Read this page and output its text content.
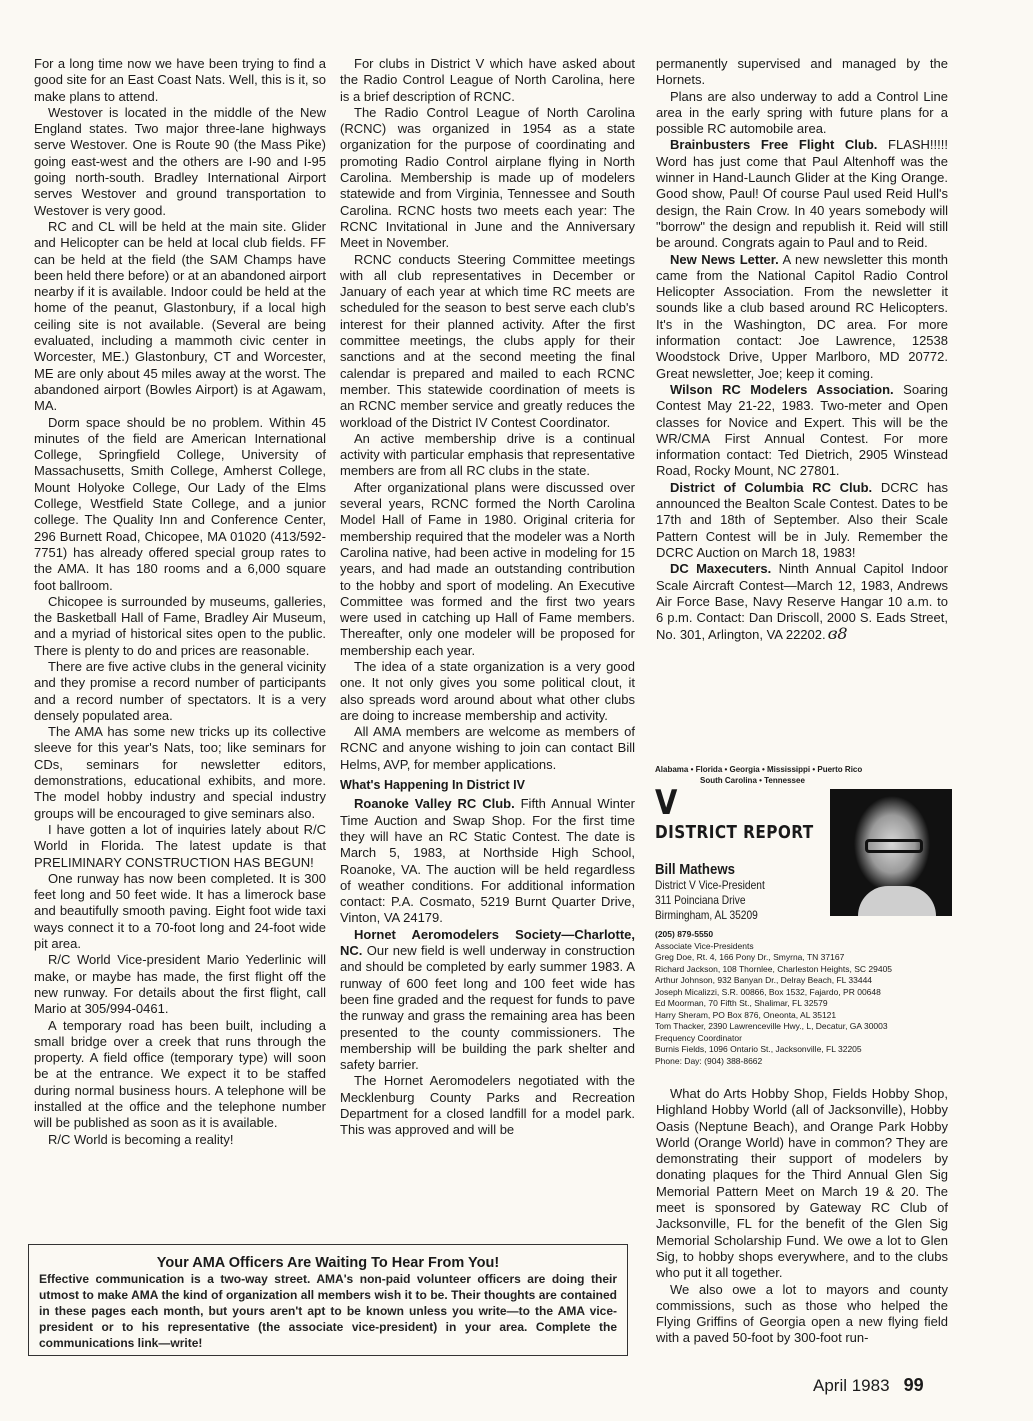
For a long time now we have been trying to find a good site for an East Coast Nats. Well, this is it, so make plans to attend.

Westover is located in the middle of the New England states. Two major three-lane highways serve Westover. One is Route 90 (the Mass Pike) going east-west and the others are I-90 and I-95 going north-south. Bradley International Airport serves Westover and ground transportation to Westover is very good.

RC and CL will be held at the main site. Glider and Helicopter can be held at local club fields. FF can be held at the field (the SAM Champs have been held there before) or at an abandoned airport nearby if it is available. Indoor could be held at the home of the peanut, Glastonbury, if a local high ceiling site is not available. (Several are being evaluated, including a mammoth civic center in Worcester, ME.) Glastonbury, CT and Worcester, ME are only about 45 miles away at the worst. The abandoned airport (Bowles Airport) is at Agawam, MA.

Dorm space should be no problem. Within 45 minutes of the field are American International College, Springfield College, University of Massachusetts, Smith College, Amherst College, Mount Holyoke College, Our Lady of the Elms College, Westfield State College, and a junior college. The Quality Inn and Conference Center, 296 Burnett Road, Chicopee, MA 01020 (413/592-7751) has already offered special group rates to the AMA. It has 180 rooms and a 6,000 square foot ballroom.

Chicopee is surrounded by museums, galleries, the Basketball Hall of Fame, Bradley Air Museum, and a myriad of historical sites open to the public. There is plenty to do and prices are reasonable.

There are five active clubs in the general vicinity and they promise a record number of participants and a record number of spectators. It is a very densely populated area.

The AMA has some new tricks up its collective sleeve for this year's Nats, too; like seminars for CDs, seminars for newsletter editors, demonstrations, educational exhibits, and more. The model hobby industry and special industry groups will be encouraged to give seminars also.

I have gotten a lot of inquiries lately about R/C World in Florida. The latest update is that PRELIMINARY CONSTRUCTION HAS BEGUN!

One runway has now been completed. It is 300 feet long and 50 feet wide. It has a limerock base and beautifully smooth paving. Eight foot wide taxi ways connect it to a 70-foot long and 24-foot wide pit area.

R/C World Vice-president Mario Yederlinic will make, or maybe has made, the first flight off the new runway. For details about the first flight, call Mario at 305/994-0461.

A temporary road has been built, including a small bridge over a creek that runs through the property. A field office (temporary type) will soon be at the entrance. We expect it to be staffed during normal business hours. A telephone will be installed at the office and the telephone number will be published as soon as it is available.

R/C World is becoming a reality!

For clubs in District V which have asked about the Radio Control League of North Carolina, here is a brief description of RCNC.

The Radio Control League of North Carolina (RCNC) was organized in 1954 as a state organization for the purpose of coordinating and promoting Radio Control airplane flying in North Carolina. Membership is made up of modelers statewide and from Virginia, Tennessee and South Carolina. RCNC hosts two meets each year: The RCNC Invitational in June and the Anniversary Meet in November.

RCNC conducts Steering Committee meetings with all club representatives in December or January of each year at which time RC meets are scheduled for the season to best serve each club's interest for their planned activity. After the first committee meetings, the clubs apply for their sanctions and at the second meeting the final calendar is prepared and mailed to each RCNC member. This statewide coordination of meets is an RCNC member service and greatly reduces the workload of the District IV Contest Coordinator.

An active membership drive is a continual activity with particular emphasis that representative members are from all RC clubs in the state.

After organizational plans were discussed over several years, RCNC formed the North Carolina Model Hall of Fame in 1980. Original criteria for membership required that the modeler was a North Carolina native, had been active in modeling for 15 years, and had made an outstanding contribution to the hobby and sport of modeling. An Executive Committee was formed and the first two years were used in catching up Hall of Fame members. Thereafter, only one modeler will be proposed for membership each year.

The idea of a state organization is a very good one. It not only gives you some political clout, it also spreads word around about what other clubs are doing to increase membership and activity.

All AMA members are welcome as members of RCNC and anyone wishing to join can contact Bill Helms, AVP, for member applications.

What's Happening In District IV

Roanoke Valley RC Club. Fifth Annual Winter Time Auction and Swap Shop. For the first time they will have an RC Static Contest. The date is March 5, 1983, at Northside High School, Roanoke, VA. The auction will be held regardless of weather conditions. For additional information contact: P.A. Cosmato, 5219 Burnt Quarter Drive, Vinton, VA 24179.

Hornet Aeromodelers Society—Charlotte, NC. Our new field is well underway in construction and should be completed by early summer 1983. A runway of 600 feet long and 100 feet wide has been fine graded and the request for funds to pave the runway and grass the remaining area has been presented to the county commissioners. The membership will be building the park shelter and safety barrier.

The Hornet Aeromodelers negotiated with the Mecklenburg County Parks and Recreation Department for a closed landfill for a model park. This was approved and will be

permanently supervised and managed by the Hornets.

Plans are also underway to add a Control Line area in the early spring with future plans for a possible RC automobile area.

Brainbusters Free Flight Club. FLASH!!!!! Word has just come that Paul Altenhoff was the winner in Hand-Launch Glider at the King Orange. Good show, Paul! Of course Paul used Reid Hull's design, the Rain Crow. In 40 years somebody will "borrow" the design and republish it. Reid will still be around. Congrats again to Paul and to Reid.

New News Letter. A new newsletter this month came from the National Capitol Radio Control Helicopter Association. From the newsletter it sounds like a club based around RC Helicopters. It's in the Washington, DC area. For more information contact: Joe Lawrence, 12538 Woodstock Drive, Upper Marlboro, MD 20772. Great newsletter, Joe; keep it coming.

Wilson RC Modelers Association. Soaring Contest May 21-22, 1983. Two-meter and Open classes for Novice and Expert. This will be the WR/CMA First Annual Contest. For more information contact: Ted Dietrich, 2905 Winstead Road, Rocky Mount, NC 27801.

District of Columbia RC Club. DCRC has announced the Bealton Scale Contest. Dates to be 17th and 18th of September. Also their Scale Pattern Contest will be in July. Remember the DCRC Auction on March 18, 1983!

DC Maxecuters. Ninth Annual Capitol Indoor Scale Aircraft Contest—March 12, 1983, Andrews Air Force Base, Navy Reserve Hangar 10 a.m. to 6 p.m. Contact: Dan Driscoll, 2000 S. Eads Street, No. 301, Arlington, VA 22202. ɞ8

Alabama • Florida • Georgia • Mississippi • Puerto Rico
South Carolina • Tennessee
V
DISTRICT REPORT
Bill Mathews
District V Vice-President
311 Poinciana Drive
Birmingham, AL 35209
(205) 879-5550
Associate Vice-Presidents
Greg Doe, Rt. 4, 166 Pony Dr., Smyrna, TN 37167
Richard Jackson, 108 Thornlee, Charleston Heights, SC 29405
Arthur Johnson, 932 Banyan Dr., Delray Beach, FL 33444
Joseph Micalizzi, S.R. 00866, Box 1532, Fajardo, PR 00648
Ed Moorman, 70 Fifth St., Shalimar, FL 32579
Harry Sheram, PO Box 876, Oneonta, AL 35121
Tom Thacker, 2390 Lawrenceville Hwy., L, Decatur, GA 30003
Frequency Coordinator
Burnis Fields, 1096 Ontario St., Jacksonville, FL 32205
Phone: Day: (904) 388-8662

What do Arts Hobby Shop, Fields Hobby Shop, Highland Hobby World (all of Jacksonville), Hobby Oasis (Neptune Beach), and Orange Park Hobby World (Orange World) have in common? They are demonstrating their support of modelers by donating plaques for the Third Annual Glen Sig Memorial Pattern Meet on March 19 & 20. The meet is sponsored by Gateway RC Club of Jacksonville, FL for the benefit of the Glen Sig Memorial Scholarship Fund. We owe a lot to Glen Sig, to hobby shops everywhere, and to the clubs who put it all together.

We also owe a lot to mayors and county commissions, such as those who helped the Flying Griffins of Georgia open a new flying field with a paved 50-foot by 300-foot run-

Your AMA Officers Are Waiting To Hear From You!
Effective communication is a two-way street. AMA's non-paid volunteer officers are doing their utmost to make AMA the kind of organization all members wish it to be. Their thoughts are contained in these pages each month, but yours aren't apt to be known unless you write—to the AMA vice-president or to his representative (the associate vice-president) in your area. Complete the communications link—write!
April 1983 99
